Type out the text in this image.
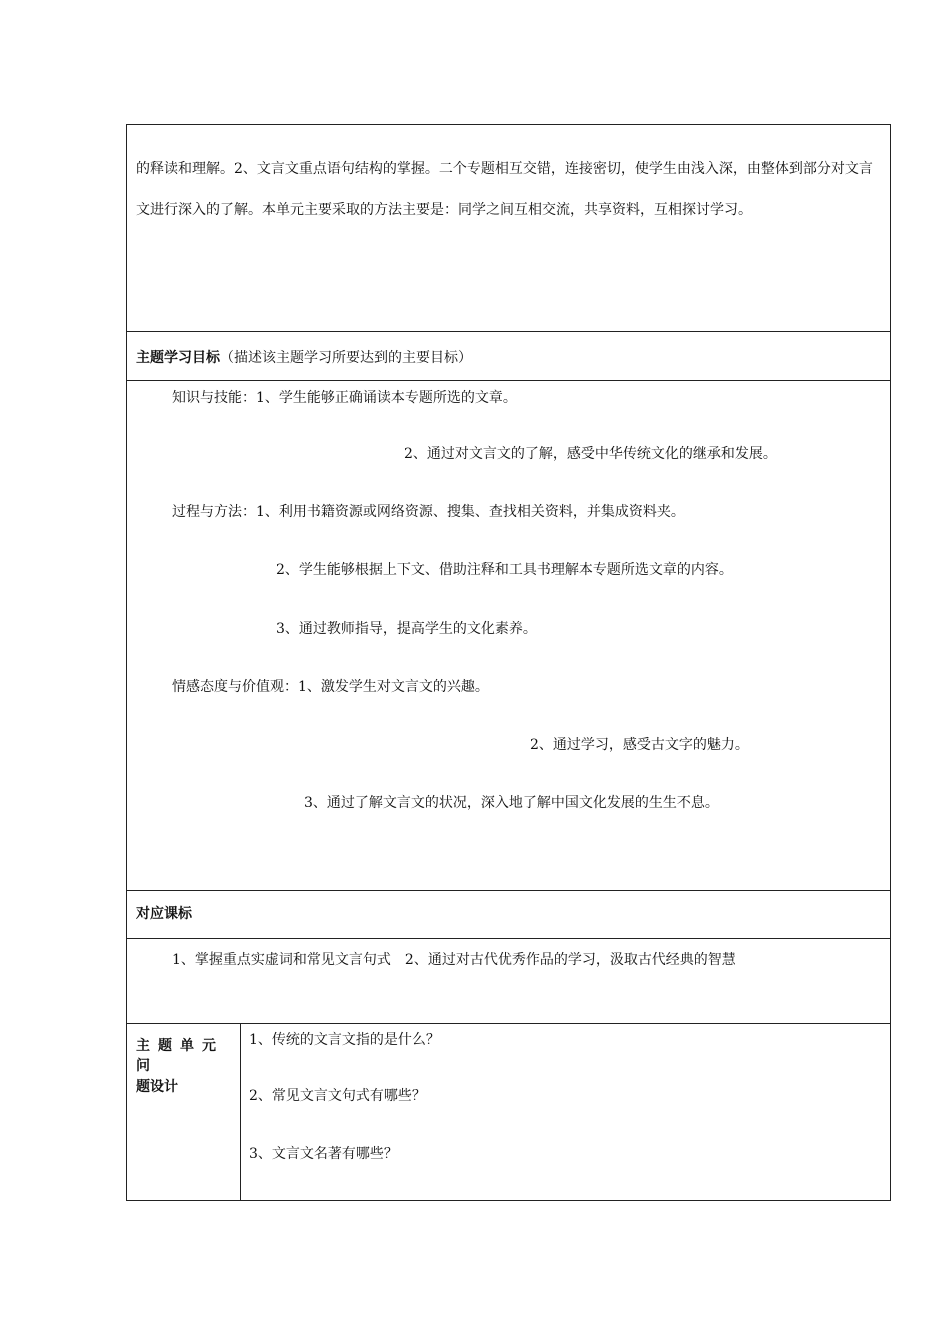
的释读和理解。2、文言文重点语句结构的掌握。二个专题相互交错，连接密切，使学生由浅入深，由整体到部分对文言文进行深入的了解。本单元主要采取的方法主要是：同学之间互相交流，共享资料，互相探讨学习。

主题学习目标（描述该主题学习所要达到的主要目标）
知识与技能：1、学生能够正确诵读本专题所选的文章。
2、通过对文言文的了解，感受中华传统文化的继承和发展。
过程与方法：1、利用书籍资源或网络资源、搜集、查找相关资料，并集成资料夹。
2、学生能够根据上下文、借助注释和工具书理解本专题所选文章的内容。
3、通过教师指导，提高学生的文化素养。
情感态度与价值观：1、激发学生对文言文的兴趣。
2、通过学习，感受古文字的魅力。
3、通过了解文言文的状况，深入地了解中国文化发展的生生不息。
对应课标
1、掌握重点实虚词和常见文言句式　2、通过对古代优秀作品的学习，汲取古代经典的智慧
主题单元问
题设计
1、传统的文言文指的是什么？
2、常见文言文句式有哪些？
3、文言文名著有哪些？
